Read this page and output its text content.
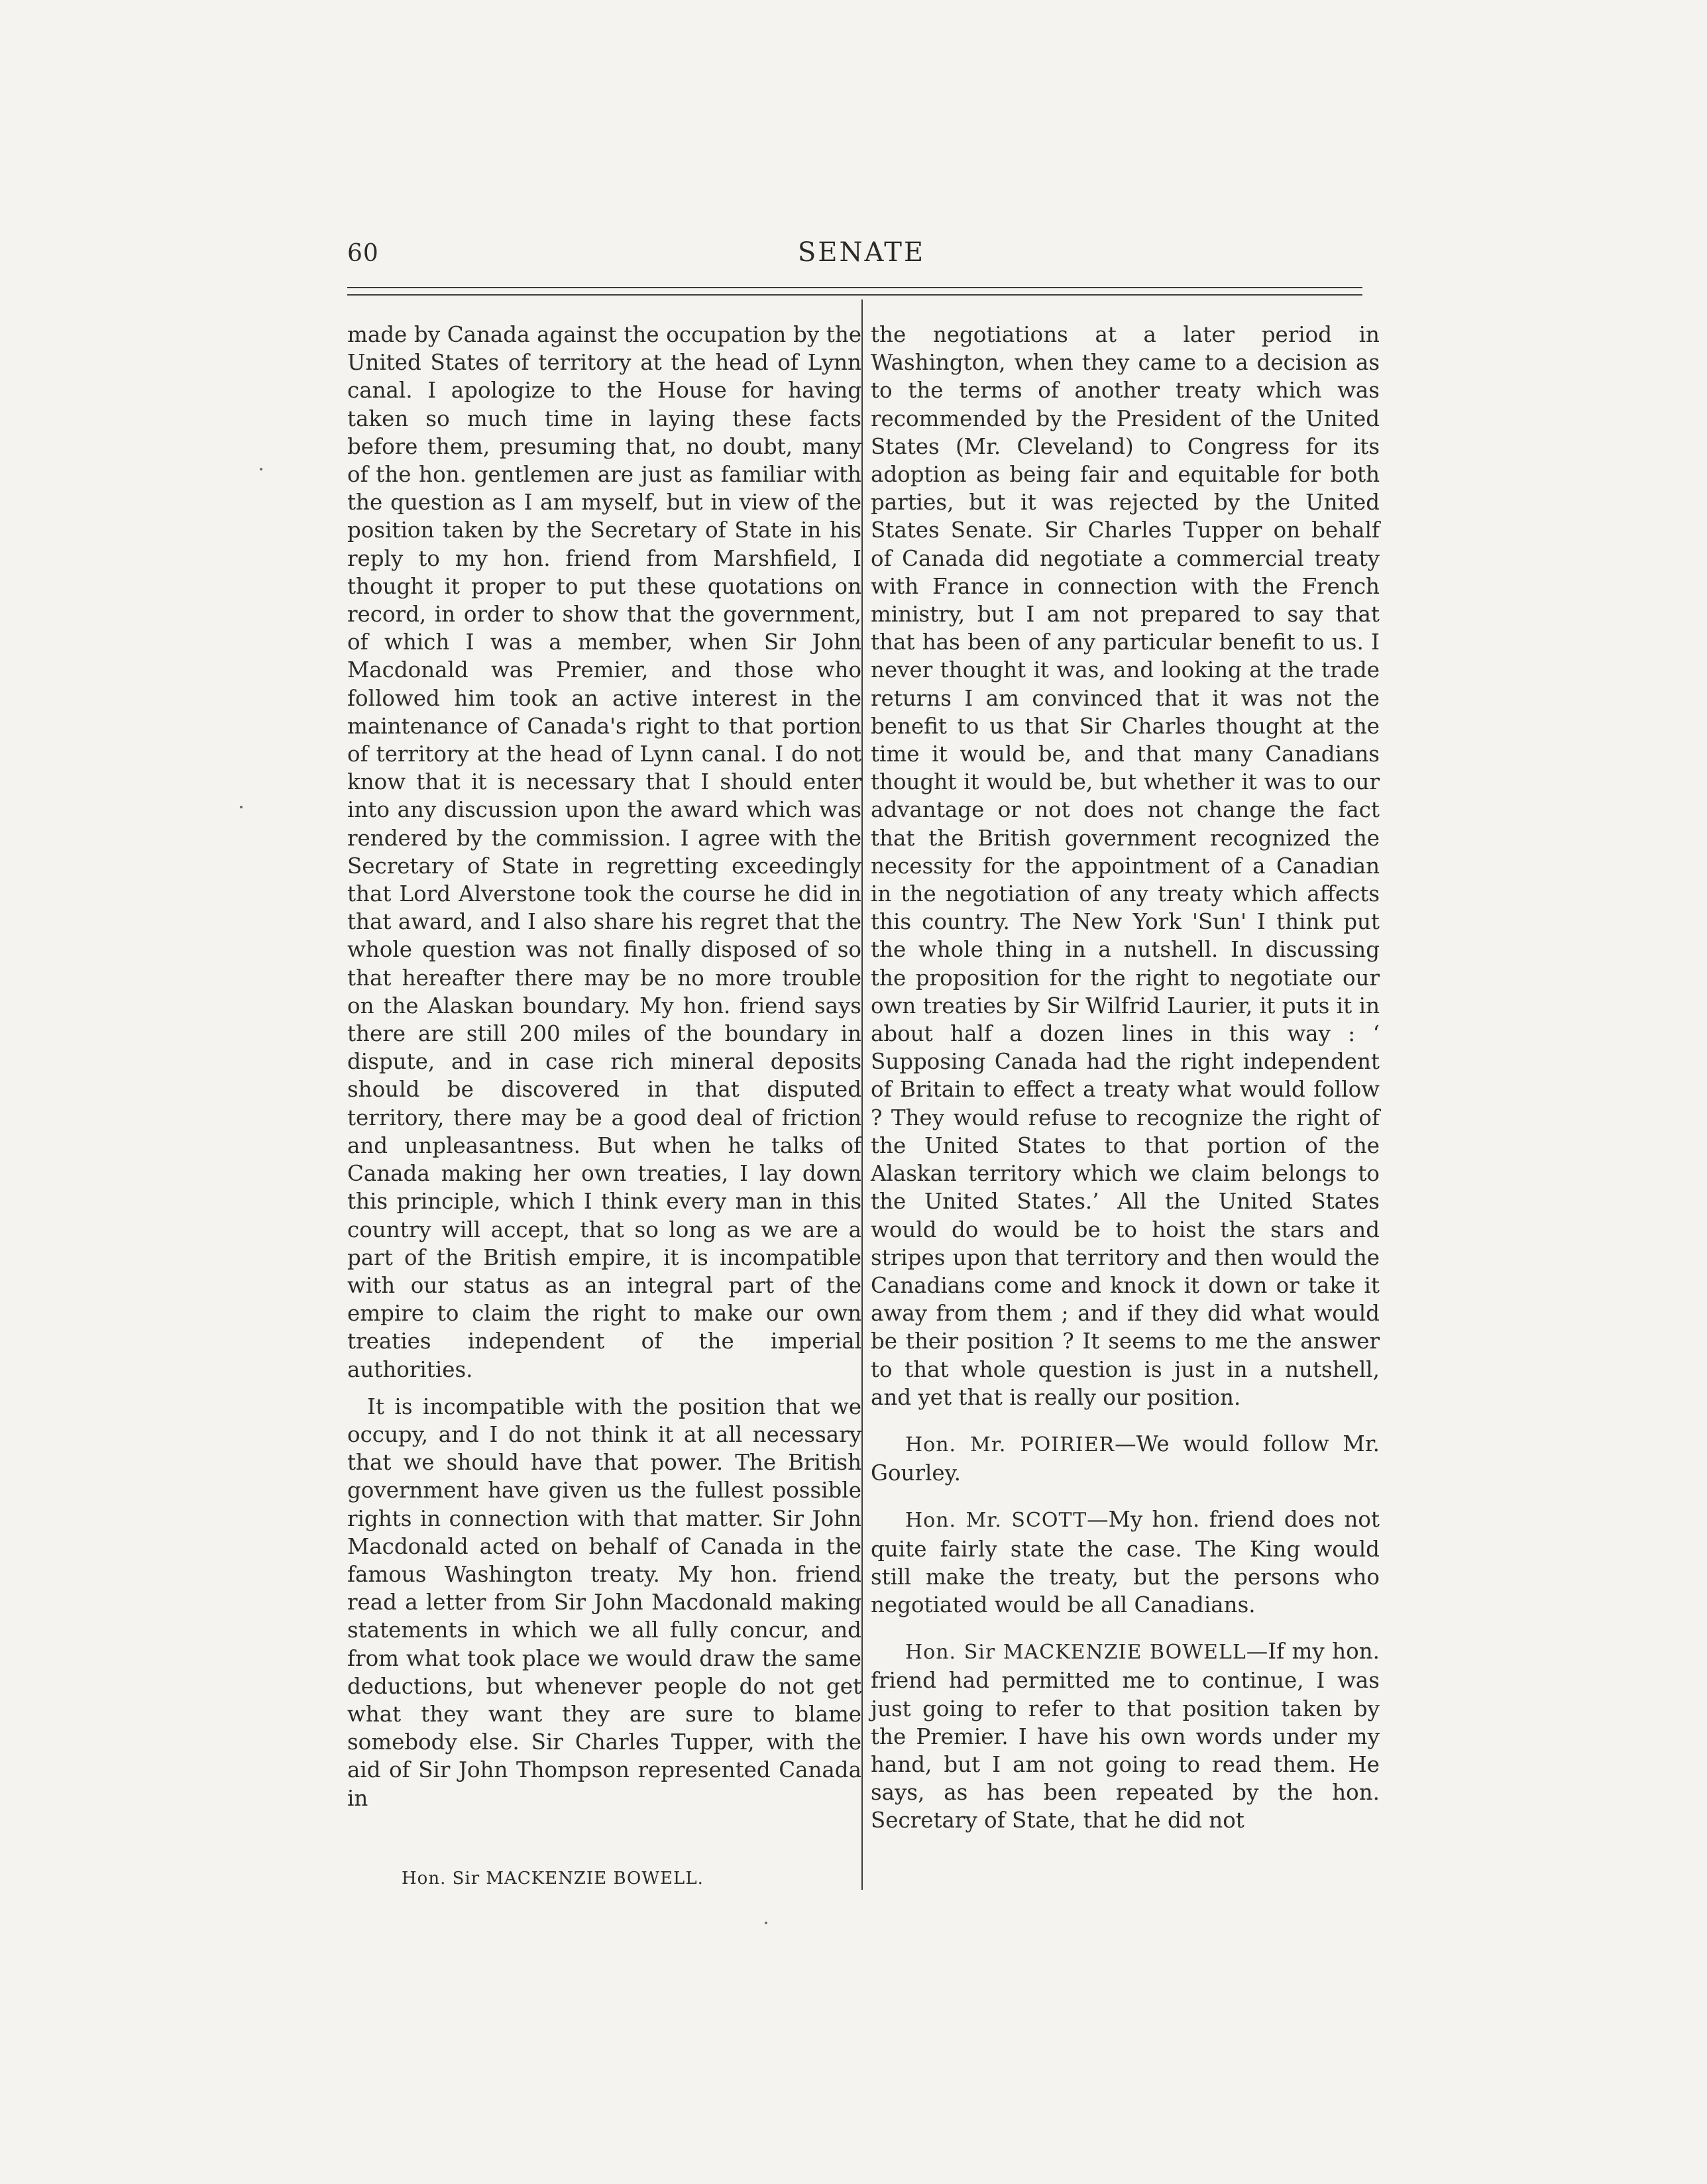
60	SENATE

made by Canada against the occupation by the United States of territory at the head of Lynn canal. I apologize to the House for having taken so much time in laying these facts before them, presuming that, no doubt, many of the hon. gentlemen are just as familiar with the question as I am myself, but in view of the position taken by the Secretary of State in his reply to my hon. friend from Marshfield, I thought it proper to put these quotations on record, in order to show that the government, of which I was a member, when Sir John Macdonald was Premier, and those who followed him took an active interest in the maintenance of Canada's right to that portion of territory at the head of Lynn canal. I do not know that it is necessary that I should enter into any discussion upon the award which was rendered by the commission. I agree with the Secretary of State in regretting exceedingly that Lord Alverstone took the course he did in that award, and I also share his regret that the whole question was not finally disposed of so that hereafter there may be no more trouble on the Alaskan boundary. My hon. friend says there are still 200 miles of the boundary in dispute, and in case rich mineral deposits should be discovered in that disputed territory, there may be a good deal of friction and unpleasantness. But when he talks of Canada making her own treaties, I lay down this principle, which I think every man in this country will accept, that so long as we are a part of the British empire, it is incompatible with our status as an integral part of the empire to claim the right to make our own treaties independent of the imperial authorities.

It is incompatible with the position that we occupy, and I do not think it at all necessary that we should have that power. The British government have given us the fullest possible rights in connection with that matter. Sir John Macdonald acted on behalf of Canada in the famous Washington treaty. My hon. friend read a letter from Sir John Macdonald making statements in which we all fully concur, and from what took place we would draw the same deductions, but whenever people do not get what they want they are sure to blame somebody else. Sir Charles Tupper, with the aid of Sir John Thompson represented Canada in

the negotiations at a later period in Washington, when they came to a decision as to the terms of another treaty which was recommended by the President of the United States (Mr. Cleveland) to Congress for its adoption as being fair and equitable for both parties, but it was rejected by the United States Senate. Sir Charles Tupper on behalf of Canada did negotiate a commercial treaty with France in connection with the French ministry, but I am not prepared to say that that has been of any particular benefit to us. I never thought it was, and looking at the trade returns I am convinced that it was not the benefit to us that Sir Charles thought at the time it would be, and that many Canadians thought it would be, but whether it was to our advantage or not does not change the fact that the British government recognized the necessity for the appointment of a Canadian in the negotiation of any treaty which affects this country. The New York 'Sun' I think put the whole thing in a nutshell. In discussing the proposition for the right to negotiate our own treaties by Sir Wilfrid Laurier, it puts it in about half a dozen lines in this way : ‘ Supposing Canada had the right independent of Britain to effect a treaty what would follow ? They would refuse to recognize the right of the United States to that portion of the Alaskan territory which we claim belongs to the United States.’ All the United States would do would be to hoist the stars and stripes upon that territory and then would the Canadians come and knock it down or take it away from them ; and if they did what would be their position ? It seems to me the answer to that whole question is just in a nutshell, and yet that is really our position.

Hon. Mr. POIRIER—We would follow Mr. Gourley.

Hon. Mr. SCOTT—My hon. friend does not quite fairly state the case. The King would still make the treaty, but the persons who negotiated would be all Canadians.

Hon. Sir MACKENZIE BOWELL—If my hon. friend had permitted me to continue, I was just going to refer to that position taken by the Premier. I have his own words under my hand, but I am not going to read them. He says, as has been repeated by the hon. Secretary of State, that he did not

Hon. Sir MACKENZIE BOWELL.
